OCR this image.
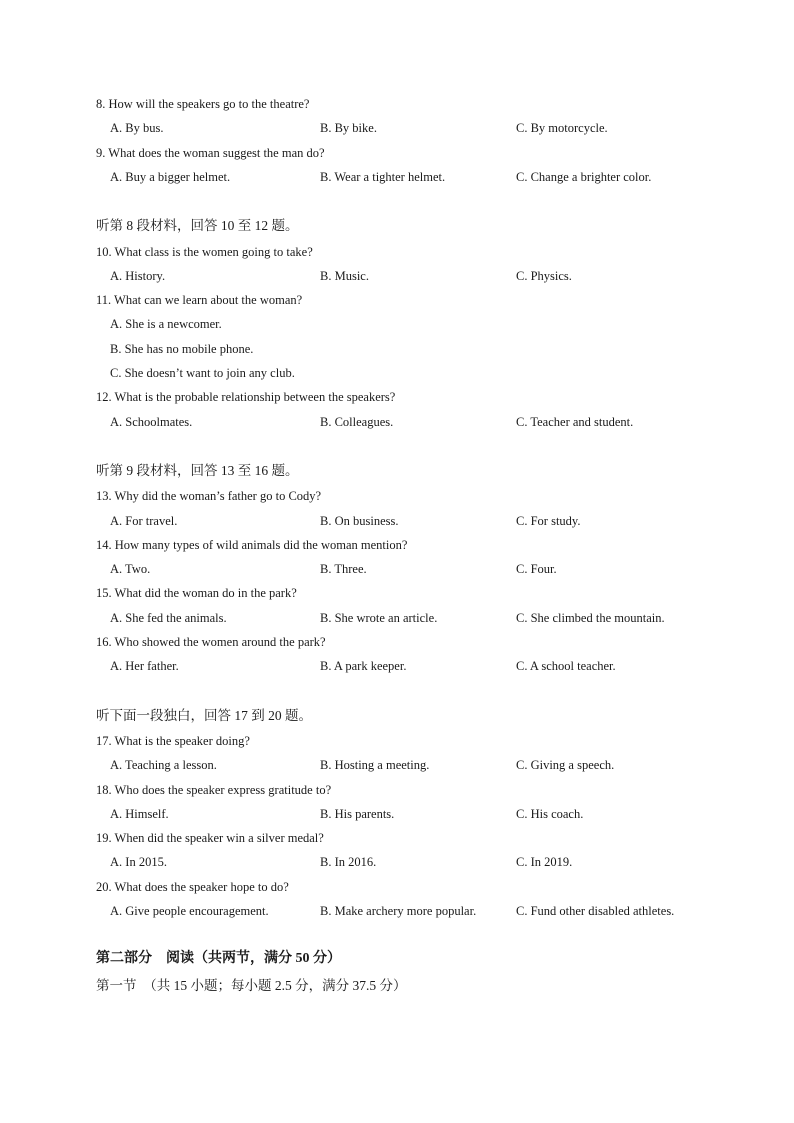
8. How will the speakers go to the theatre?
A. By bus.	B. By bike.	C. By motorcycle.
9. What does the woman suggest the man do?
A. Buy a bigger helmet.	B. Wear a tighter helmet.	C. Change a brighter color.
听第 8 段材料，回答 10 至 12 题。
10. What class is the women going to take?
A. History.	B. Music.	C. Physics.
11. What can we learn about the woman?
A. She is a newcomer.
B. She has no mobile phone.
C. She doesn’t want to join any club.
12. What is the probable relationship between the speakers?
A. Schoolmates.	B. Colleagues.	C. Teacher and student.
听第 9 段材料，回答 13 至 16 题。
13. Why did the woman’s father go to Cody?
A. For travel.	B. On business.	C. For study.
14. How many types of wild animals did the woman mention?
A. Two.	B. Three.	C. Four.
15. What did the woman do in the park?
A. She fed the animals.	B. She wrote an article.	C. She climbed the mountain.
16. Who showed the women around the park?
A. Her father.	B. A park keeper.	C. A school teacher.
听下面一段独白，回答 17 到 20 题。
17. What is the speaker doing?
A. Teaching a lesson.	B. Hosting a meeting.	C. Giving a speech.
18. Who does the speaker express gratitude to?
A. Himself.	B. His parents.	C. His coach.
19. When did the speaker win a silver medal?
A. In 2015.	B. In 2016.	C. In 2019.
20. What does the speaker hope to do?
A. Give people encouragement.	B. Make archery more popular.	C. Fund other disabled athletes.
第二部分　阅读（共两节，满分 50 分）
第一节　（共 15 小题；每小题 2.5 分，满分 37.5 分）
